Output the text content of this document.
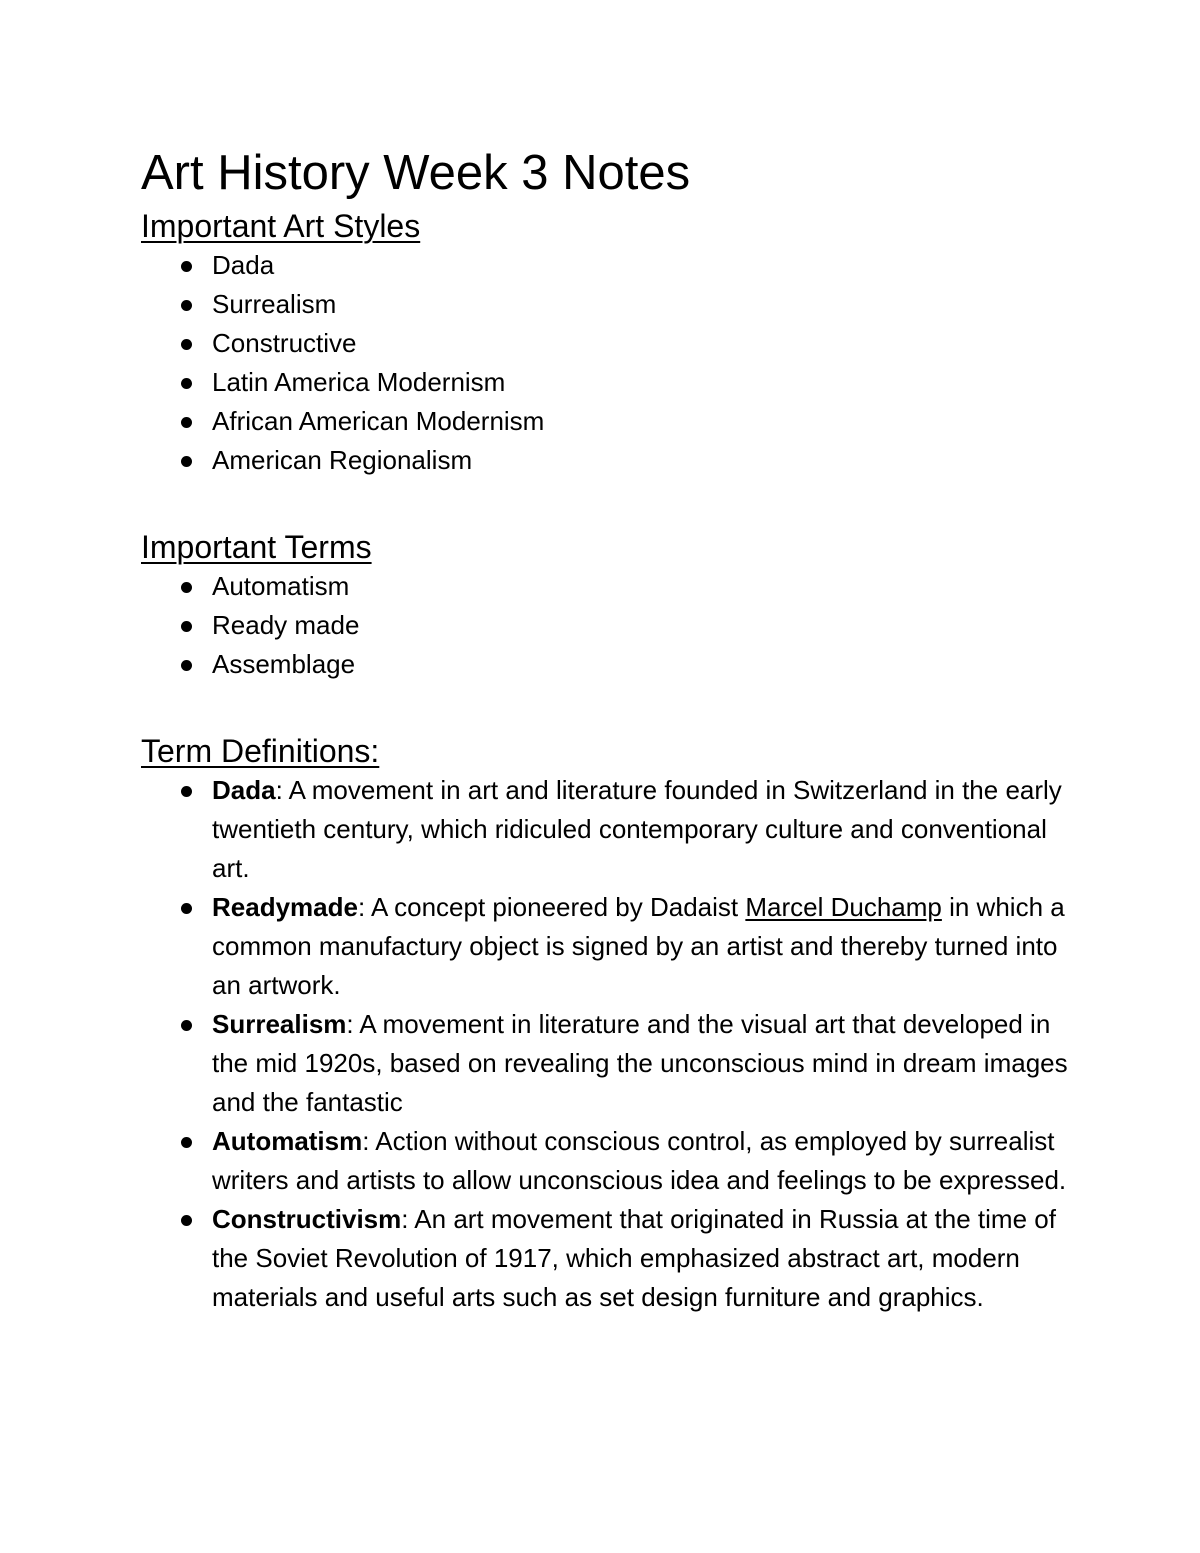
Art History Week 3 Notes
Important Art Styles
Dada
Surrealism
Constructive
Latin America Modernism
African American Modernism
American Regionalism
Important Terms
Automatism
Ready made
Assemblage
Term Definitions:
Dada: A movement in art and literature founded in Switzerland in the early twentieth century, which ridiculed contemporary culture and conventional art.
Readymade: A concept pioneered by Dadaist Marcel Duchamp in which a common manufactury object is signed by an artist and thereby turned into an artwork.
Surrealism: A movement in literature and the visual art that developed in the mid 1920s, based on revealing the unconscious mind in dream images and the fantastic
Automatism: Action without conscious control, as employed by surrealist writers and artists to allow unconscious idea and feelings to be expressed.
Constructivism: An art movement that originated in Russia at the time of the Soviet Revolution of 1917, which emphasized abstract art, modern materials and useful arts such as set design furniture and graphics.
